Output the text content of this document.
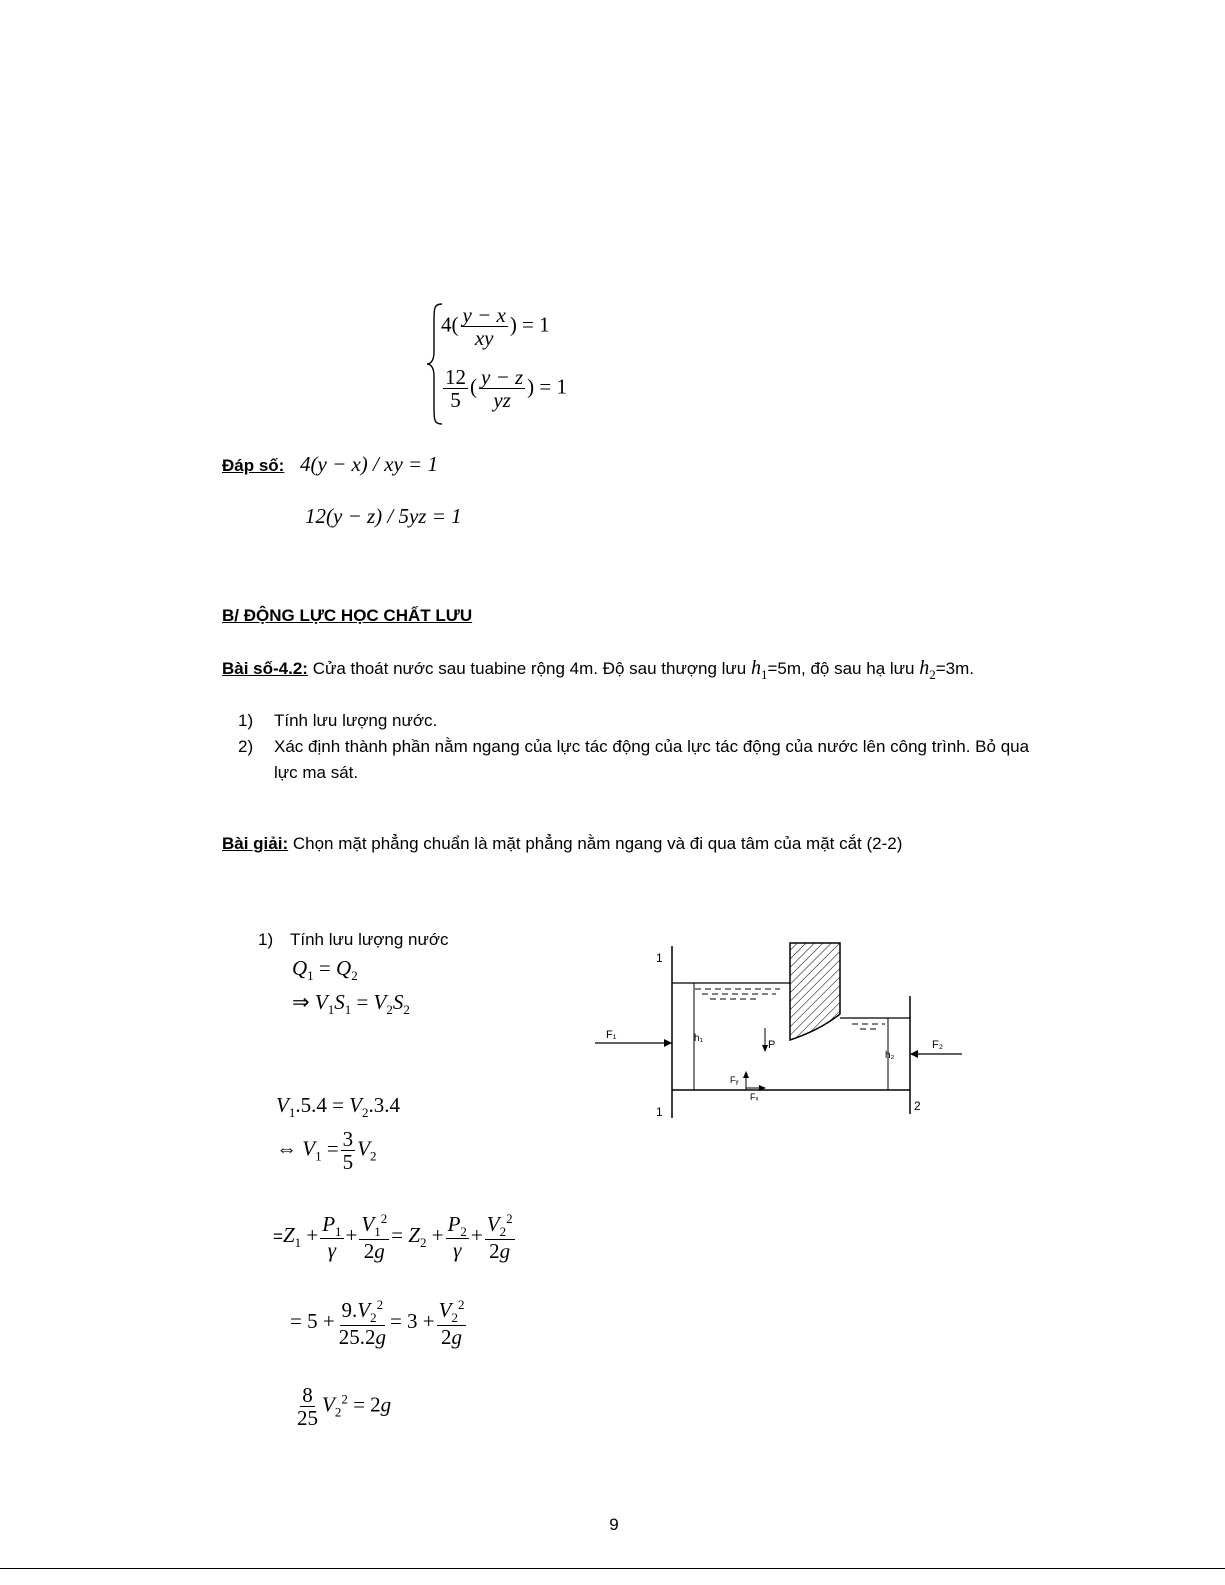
$4( \frac{y - x}{xy}$ ) = 1
$\frac{12}{5}$ ( $\frac{y - z}{yz}$ ) = 1
Đáp số: 4(y − x) / xy = 1
12(y − z) / 5yz = 1
B/ ĐỘNG LỰC HỌC CHẤT LƯU
Bài số-4.2: Cửa thoát nước sau tuabine rộng 4m. Độ sau thượng lưu $h_1=5m$, độ sau hạ lưu $h_2=3m$.
1) Tính lưu lượng nước.
2) Xác định thành phần nằm ngang của lực tác động của lực tác động của nước lên công trình. Bỏ qua
lực ma sát.
Bài giải: Chọn mặt phẳng chuẩn là mặt phẳng nằm ngang và đi qua tâm của mặt cắt (2-2)
1) Tính lưu lượng nước
$Q_1 = Q_2$
⇒ $V_1S_1 = V_2S_2$
$V_1.5.4 = V_2.3.4$
⇔ $V_1 = \frac{3}{5} V_2$
$=Z_1 + \frac{P_1}{\gamma} + \frac{V_1^2}{2g} = Z_2 + \frac{P_2}{\gamma} + \frac{V_2^2}{2g}$
= $5 + \frac{9.V_2^2}{25.2g} = 3 + \frac{V_2^2}{2g}$
$\frac{8}{25} V_2^2 = 2g$
1
1	2
F₁
F₂
h₁
h₂
P
Fᵧ
Fₓ
9
